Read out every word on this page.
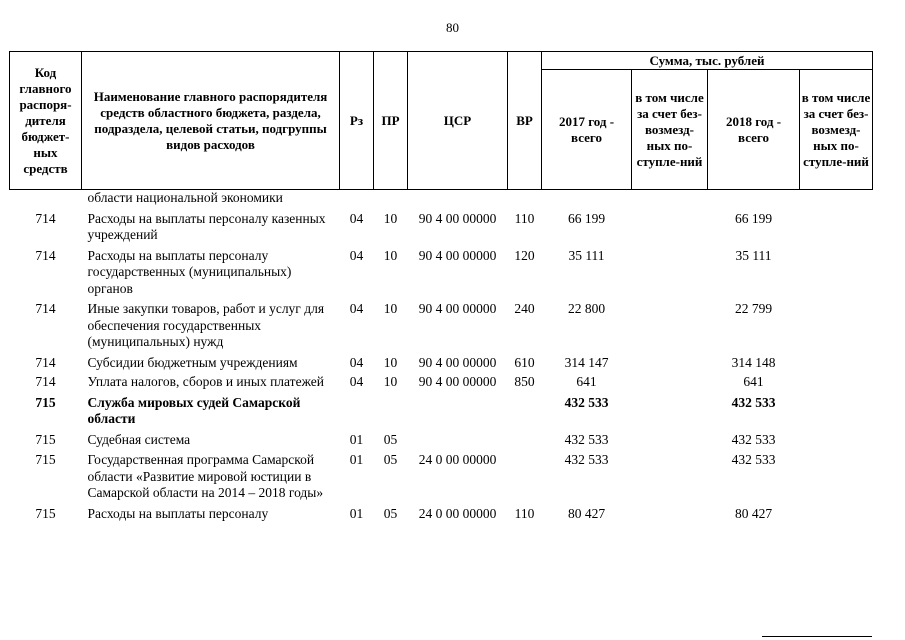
80
Код главного распоря-дителя бюджет-ных средств	Наименование главного распорядителя средств областного бюджета, раздела, подраздела, целевой статьи, подгруппы видов расходов	Рз	ПР	ЦСР	ВР	Сумма, тыс. рублей			
						2017 год - всего	в том числе за счет без-возмезд-ных по-ступле-ний	2018 год - всего	в том числе за счет без-возмезд-ных по-ступле-ний
	области национальной экономики								
714	Расходы на выплаты персоналу казенных учреждений	04	10	90 4 00 00000	110	66 199		66 199	
714	Расходы на выплаты персоналу государственных (муниципальных) органов	04	10	90 4 00 00000	120	35 111		35 111	
714	Иные закупки товаров, работ и услуг для обеспечения государственных (муниципальных) нужд	04	10	90 4 00 00000	240	22 800		22 799	
714	Субсидии бюджетным учреждениям	04	10	90 4 00 00000	610	314 147		314 148	
714	Уплата налогов, сборов и иных платежей	04	10	90 4 00 00000	850	641		641	
715	Служба мировых судей Самарской области					432 533		432 533	
715	Судебная система	01	05			432 533		432 533	
715	Государственная программа Самарской области «Развитие мировой юстиции в Самарской области на 2014 – 2018 годы»	01	05	24 0 00 00000		432 533		432 533	
715	Расходы на выплаты персоналу	01	05	24 0 00 00000	110	80 427		80 427	
